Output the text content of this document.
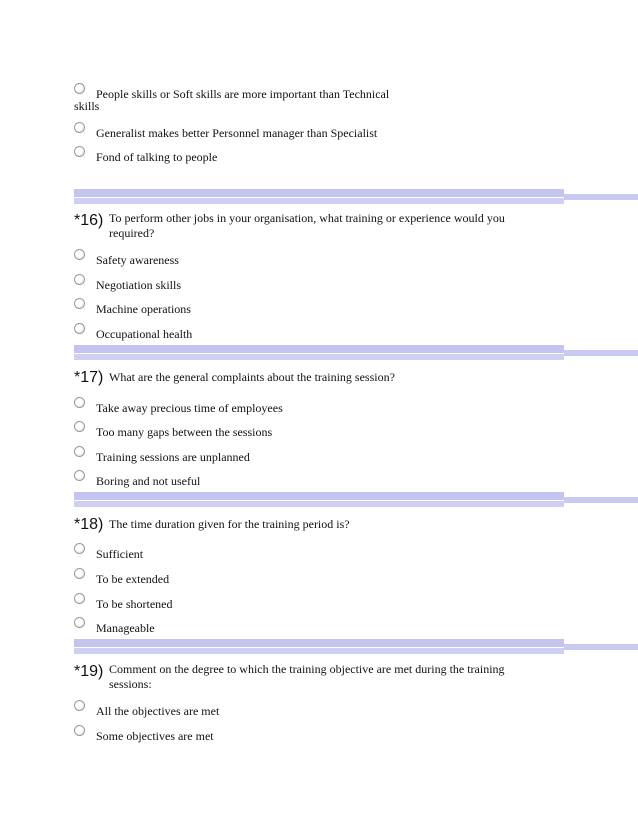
People skills or Soft skills are more important than Technical
skills
Generalist makes better Personnel manager than Specialist
Fond of talking to people
*16) To perform other jobs in your organisation, what training or experience would you
required?
Safety awareness
Negotiation skills
Machine operations
Occupational health
*17) What are the general complaints about the training session?
Take away precious time of employees
Too many gaps between the sessions
Training sessions are unplanned
Boring and not useful
*18) The time duration given for the training period is?
Sufficient
To be extended
To be shortened
Manageable
*19) Comment on the degree to which the training objective are met during the training
sessions:
All the objectives are met
Some objectives are met
